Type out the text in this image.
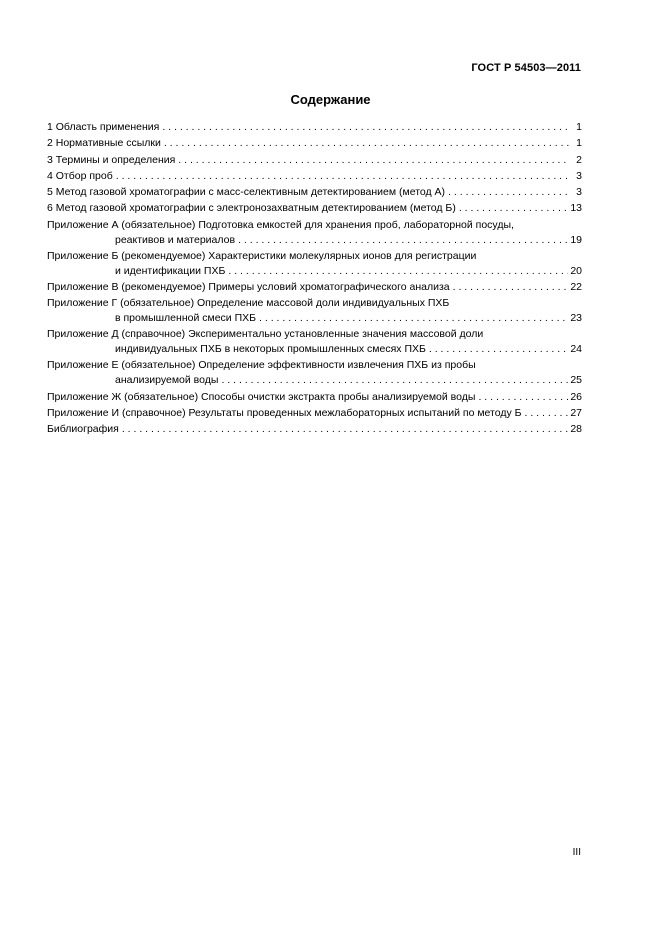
ГОСТ Р 54503—2011
Содержание
1 Область применения . . .	1
2 Нормативные ссылки . . .	1
3 Термины и определения . . .	2
4 Отбор проб . . .	3
5 Метод газовой хроматографии с масс-селективным детектированием (метод А) . . .	3
6 Метод газовой хроматографии с электронозахватным детектированием (метод Б) . . .	13
Приложение А (обязательное) Подготовка емкостей для хранения проб, лабораторной посуды,
реактивов и материалов . . .	19
Приложение Б (рекомендуемое) Характеристики молекулярных ионов для регистрации
и идентификации ПХБ . . .	20
Приложение В (рекомендуемое) Примеры условий хроматографического анализа . . .	22
Приложение Г (обязательное) Определение массовой доли индивидуальных ПХБ
в промышленной смеси ПХБ . . .	23
Приложение Д (справочное) Экспериментально установленные значения массовой доли
индивидуальных ПХБ в некоторых промышленных смесях ПХБ . . .	24
Приложение Е (обязательное) Определение эффективности извлечения ПХБ из пробы
анализируемой воды . . .	25
Приложение Ж (обязательное) Способы очистки экстракта пробы анализируемой воды . . .	26
Приложение И (справочное) Результаты проведенных межлабораторных испытаний по методу Б . . .	27
Библиография . . .	28
III
